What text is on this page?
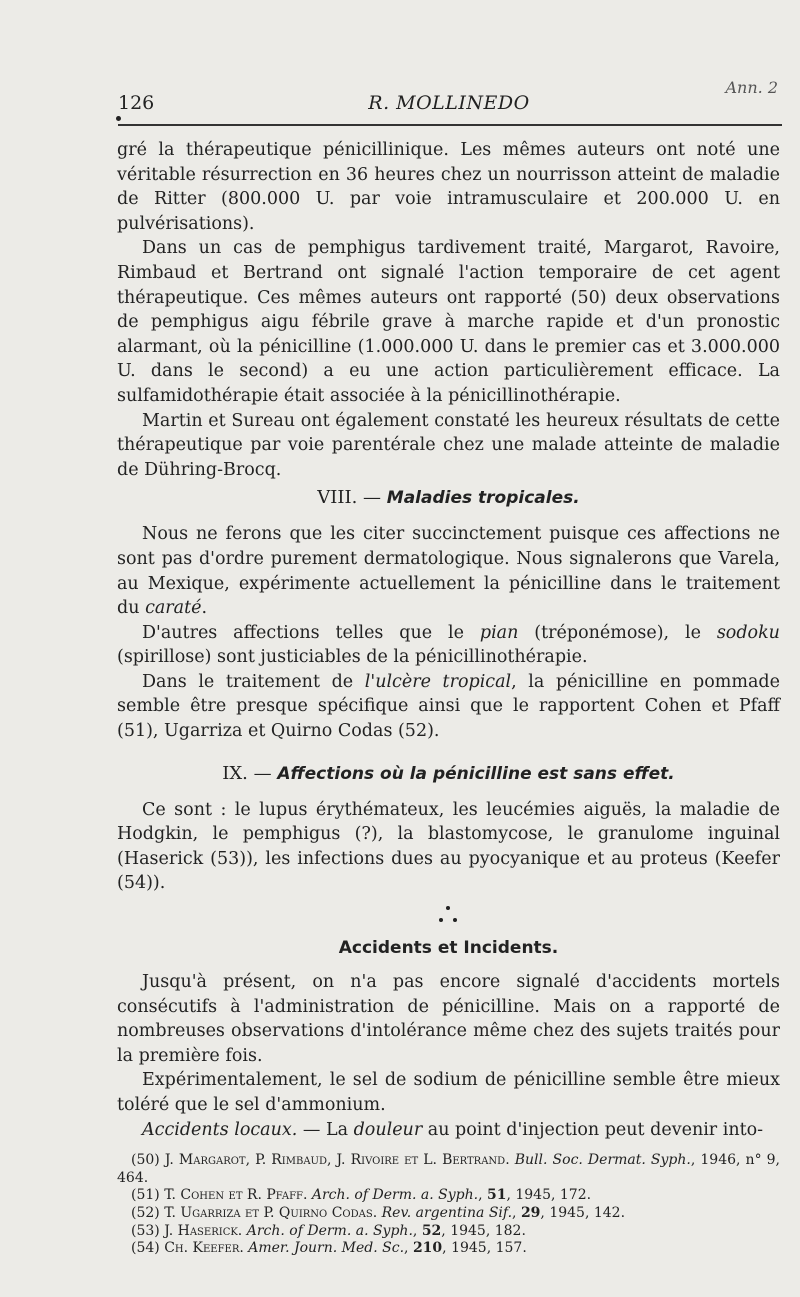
Ann. 2
126	R. MOLLINEDO

gré la thérapeutique pénicillinique. Les mêmes auteurs ont noté une véritable résurrection en 36 heures chez un nourrisson atteint de maladie de Ritter (800.000 U. par voie intramusculaire et 200.000 U. en pulvérisations).

Dans un cas de pemphigus tardivement traité, Margarot, Ravoire, Rimbaud et Bertrand ont signalé l'action temporaire de cet agent thérapeutique. Ces mêmes auteurs ont rapporté (50) deux observations de pemphigus aigu fébrile grave à marche rapide et d'un pronostic alarmant, où la pénicilline (1.000.000 U. dans le premier cas et 3.000.000 U. dans le second) a eu une action particulièrement efficace. La sulfamidothérapie était associée à la pénicillinothérapie.

Martin et Sureau ont également constaté les heureux résultats de cette thérapeutique par voie parentérale chez une malade atteinte de maladie de Dühring-Brocq.

VIII. — Maladies tropicales.

Nous ne ferons que les citer succinctement puisque ces affections ne sont pas d'ordre purement dermatologique. Nous signalerons que Varela, au Mexique, expérimente actuellement la pénicilline dans le traitement du caraté.

D'autres affections telles que le pian (tréponémose), le sodoku (spirillose) sont justiciables de la pénicillinothérapie.

Dans le traitement de l'ulcère tropical, la pénicilline en pommade semble être presque spécifique ainsi que le rapportent Cohen et Pfaff (51), Ugarriza et Quirno Codas (52).

IX. — Affections où la pénicilline est sans effet.

Ce sont : le lupus érythémateux, les leucémies aiguës, la maladie de Hodgkin, le pemphigus (?), la blastomycose, le granulome inguinal (Haserick (53)), les infections dues au pyocyanique et au proteus (Keefer (54)).

Accidents et Incidents.

Jusqu'à présent, on n'a pas encore signalé d'accidents mortels consécutifs à l'administration de pénicilline. Mais on a rapporté de nombreuses observations d'intolérance même chez des sujets traités pour la première fois.

Expérimentalement, le sel de sodium de pénicilline semble être mieux toléré que le sel d'ammonium.

Accidents locaux. — La douleur au point d'injection peut devenir into-

(50) J. Margarot, P. Rimbaud, J. Rivoire et L. Bertrand. Bull. Soc. Dermat. Syph., 1946, n° 9, 464.

(51) T. Cohen et R. Pfaff. Arch. of Derm. a. Syph., 51, 1945, 172.

(52) T. Ugarriza et P. Quirno Codas. Rev. argentina Sif., 29, 1945, 142.

(53) J. Haserick. Arch. of Derm. a. Syph., 52, 1945, 182.

(54) Ch. Keefer. Amer. Journ. Med. Sc., 210, 1945, 157.
